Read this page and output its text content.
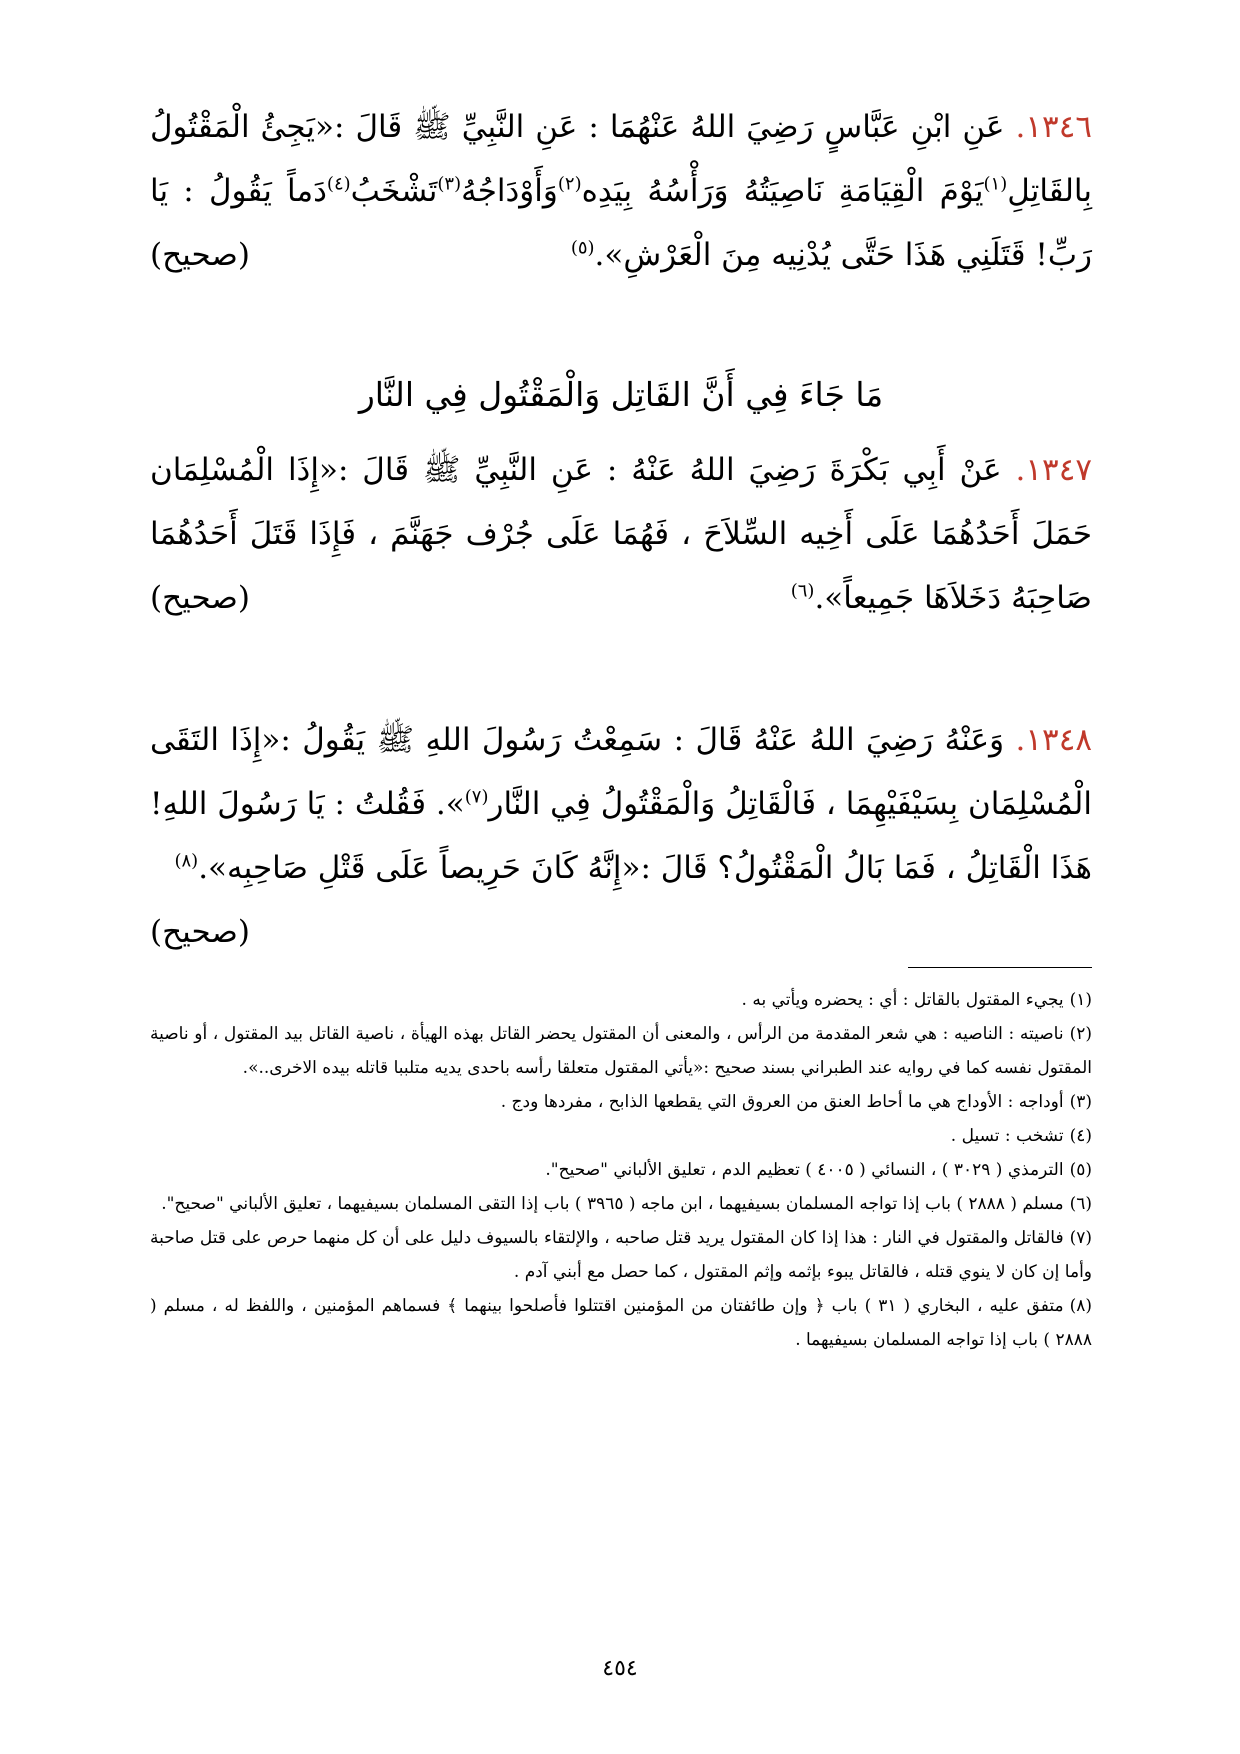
١٣٤٦. عَنِ ابْنِ عَبَّاسٍ رَضِيَ اللهُ عَنْهُمَا : عَنِ النَّبِيِّ ﷺ قَالَ :«يَجِئُ الْمَقْتُولُ بِالقَاتِلِ$^{(١)}$يَوْمَ الْقِيَامَةِ نَاصِيَتُهُ وَرَأْسُهُ بِيَدِه$^{(٢)}$وَأَوْدَاجُهُ$^{(٣)}$تَشْخَبُ$^{(٤)}$دَماً يَقُولُ : يَا رَبِّ! قَتَلَنِي هَذَا حَتَّى يُدْنِيه مِنَ الْعَرْشِ».$^{(٥)}$
( صحيح )
مَا جَاءَ فِي أَنَّ القَاتِل وَالْمَقْتُول فِي النَّار
١٣٤٧. عَنْ أَبِي بَكْرَةَ رَضِيَ اللهُ عَنْهُ : عَنِ النَّبِيِّ ﷺ قَالَ :«إِذَا الْمُسْلِمَان حَمَلَ أَحَدُهُمَا عَلَى أَخِيه السِّلاَحَ ، فَهُمَا عَلَى جُرْف جَهَنَّمَ ، فَإِذَا قَتَلَ أَحَدُهُمَا صَاحِبَهُ دَخَلاَهَا جَمِيعاً».$^{(٦)}$
( صحيح )
١٣٤٨. وَعَنْهُ رَضِيَ اللهُ عَنْهُ قَالَ : سَمِعْتُ رَسُولَ اللهِ ﷺ يَقُولُ :«إِذَا التَقَى الْمُسْلِمَان بِسَيْفَيْهِمَا ، فَالْقَاتِلُ وَالْمَقْتُولُ فِي النَّار$^{(٧)}$». فَقُلتُ : يَا رَسُولَ اللهِ! هَذَا الْقَاتِلُ ، فَمَا بَالُ الْمَقْتُولُ؟ قَالَ :«إِنَّهُ كَانَ حَرِيصاً عَلَى قَتْلِ صَاحِبِه».$^{(٨)}$
( صحيح )
(١)يجيء المقتول بالقاتل : أي : يحضره ويأتي به .
(٢)ناصيته : الناصيه : هي شعر المقدمة من الرأس ، والمعنى أن المقتول يحضر القاتل بهذه الهيأة ، ناصية القاتل بيد المقتول ، أو ناصية المقتول نفسه كما في روايه عند الطبراني بسند صحيح :«يأتي المقتول متعلقا رأسه باحدى يديه متلببا قاتله بيده الاخرى..».
(٣)أوداجه : الأوداج هي ما أحاط العنق من العروق التي يقطعها الذابح ، مفردها ودج .
(٤)تشخب : تسيل .
(٥)الترمذي ( ٣٠٢٩ ) ، النسائي ( ٤٠٠٥ ) تعظيم الدم ، تعليق الألباني "صحيح".
(٦)مسلم ( ٢٨٨٨ ) باب إذا تواجه المسلمان بسيفيهما ، ابن ماجه ( ٣٩٦٥ ) باب إذا التقى المسلمان بسيفيهما ، تعليق الألباني "صحيح".
(٧)فالقاتل والمقتول في النار : هذا إذا كان المقتول يريد قتل صاحبه ، والإلتقاء بالسيوف دليل على أن كل منهما حرص على قتل صاحبة وأما إن كان لا ينوي قتله ، فالقاتل يبوء بإثمه وإثم المقتول ، كما حصل مع أبني آدم .
(٨)متفق عليه ، البخاري ( ٣١ ) باب ﴿ وإن طائفتان من المؤمنين اقتتلوا فأصلحوا بينهما ﴾ فسماهم المؤمنين ، واللفظ له ، مسلم ( ٢٨٨٨ ) باب إذا تواجه المسلمان بسيفيهما .
٤٥٤
